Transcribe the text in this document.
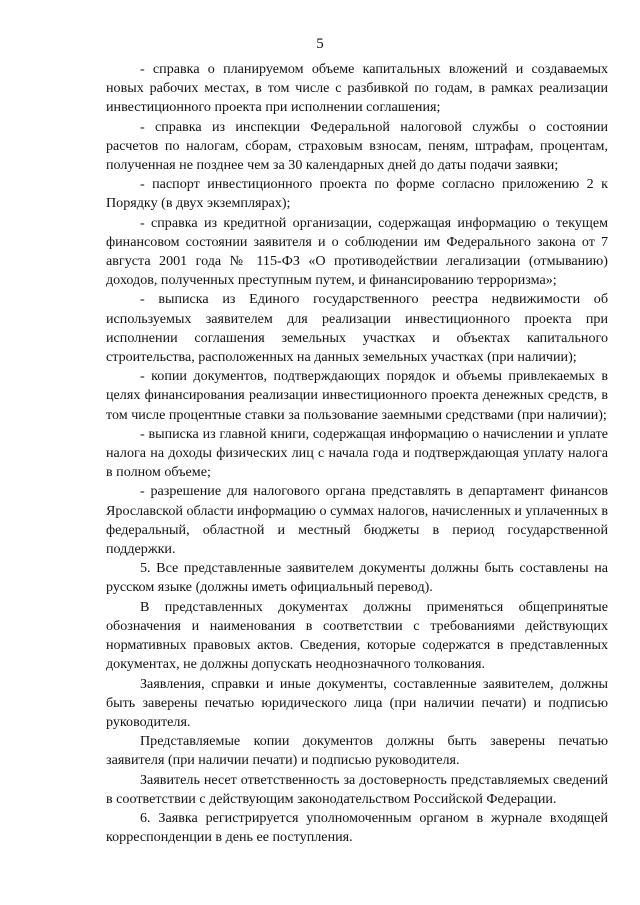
5

- справка о планируемом объеме капитальных вложений и создаваемых новых рабочих местах, в том числе с разбивкой по годам, в рамках реализации инвестиционного проекта при исполнении соглашения;

- справка из инспекции Федеральной налоговой службы о состоянии расчетов по налогам, сборам, страховым взносам, пеням, штрафам, процентам, полученная не позднее чем за 30 календарных дней до даты подачи заявки;

- паспорт инвестиционного проекта по форме согласно приложению 2 к Порядку (в двух экземплярах);

- справка из кредитной организации, содержащая информацию о текущем финансовом состоянии заявителя и о соблюдении им Федерального закона от 7 августа 2001 года № 115-ФЗ «О противодействии легализации (отмыванию) доходов, полученных преступным путем, и финансированию терроризма»;

- выписка из Единого государственного реестра недвижимости об используемых заявителем для реализации инвестиционного проекта при исполнении соглашения земельных участках и объектах капитального строительства, расположенных на данных земельных участках (при наличии);

- копии документов, подтверждающих порядок и объемы привлекаемых в целях финансирования реализации инвестиционного проекта денежных средств, в том числе процентные ставки за пользование заемными средствами (при наличии);

- выписка из главной книги, содержащая информацию о начислении и уплате налога на доходы физических лиц с начала года и подтверждающая уплату налога в полном объеме;

- разрешение для налогового органа представлять в департамент финансов Ярославской области информацию о суммах налогов, начисленных и уплаченных в федеральный, областной и местный бюджеты в период государственной поддержки.

5. Все представленные заявителем документы должны быть составлены на русском языке (должны иметь официальный перевод).

В представленных документах должны применяться общепринятые обозначения и наименования в соответствии с требованиями действующих нормативных правовых актов. Сведения, которые содержатся в представленных документах, не должны допускать неоднозначного толкования.

Заявления, справки и иные документы, составленные заявителем, должны быть заверены печатью юридического лица (при наличии печати) и подписью руководителя.

Представляемые копии документов должны быть заверены печатью заявителя (при наличии печати) и подписью руководителя.

Заявитель несет ответственность за достоверность представляемых сведений в соответствии с действующим законодательством Российской Федерации.

6. Заявка регистрируется уполномоченным органом в журнале входящей корреспонденции в день ее поступления.
